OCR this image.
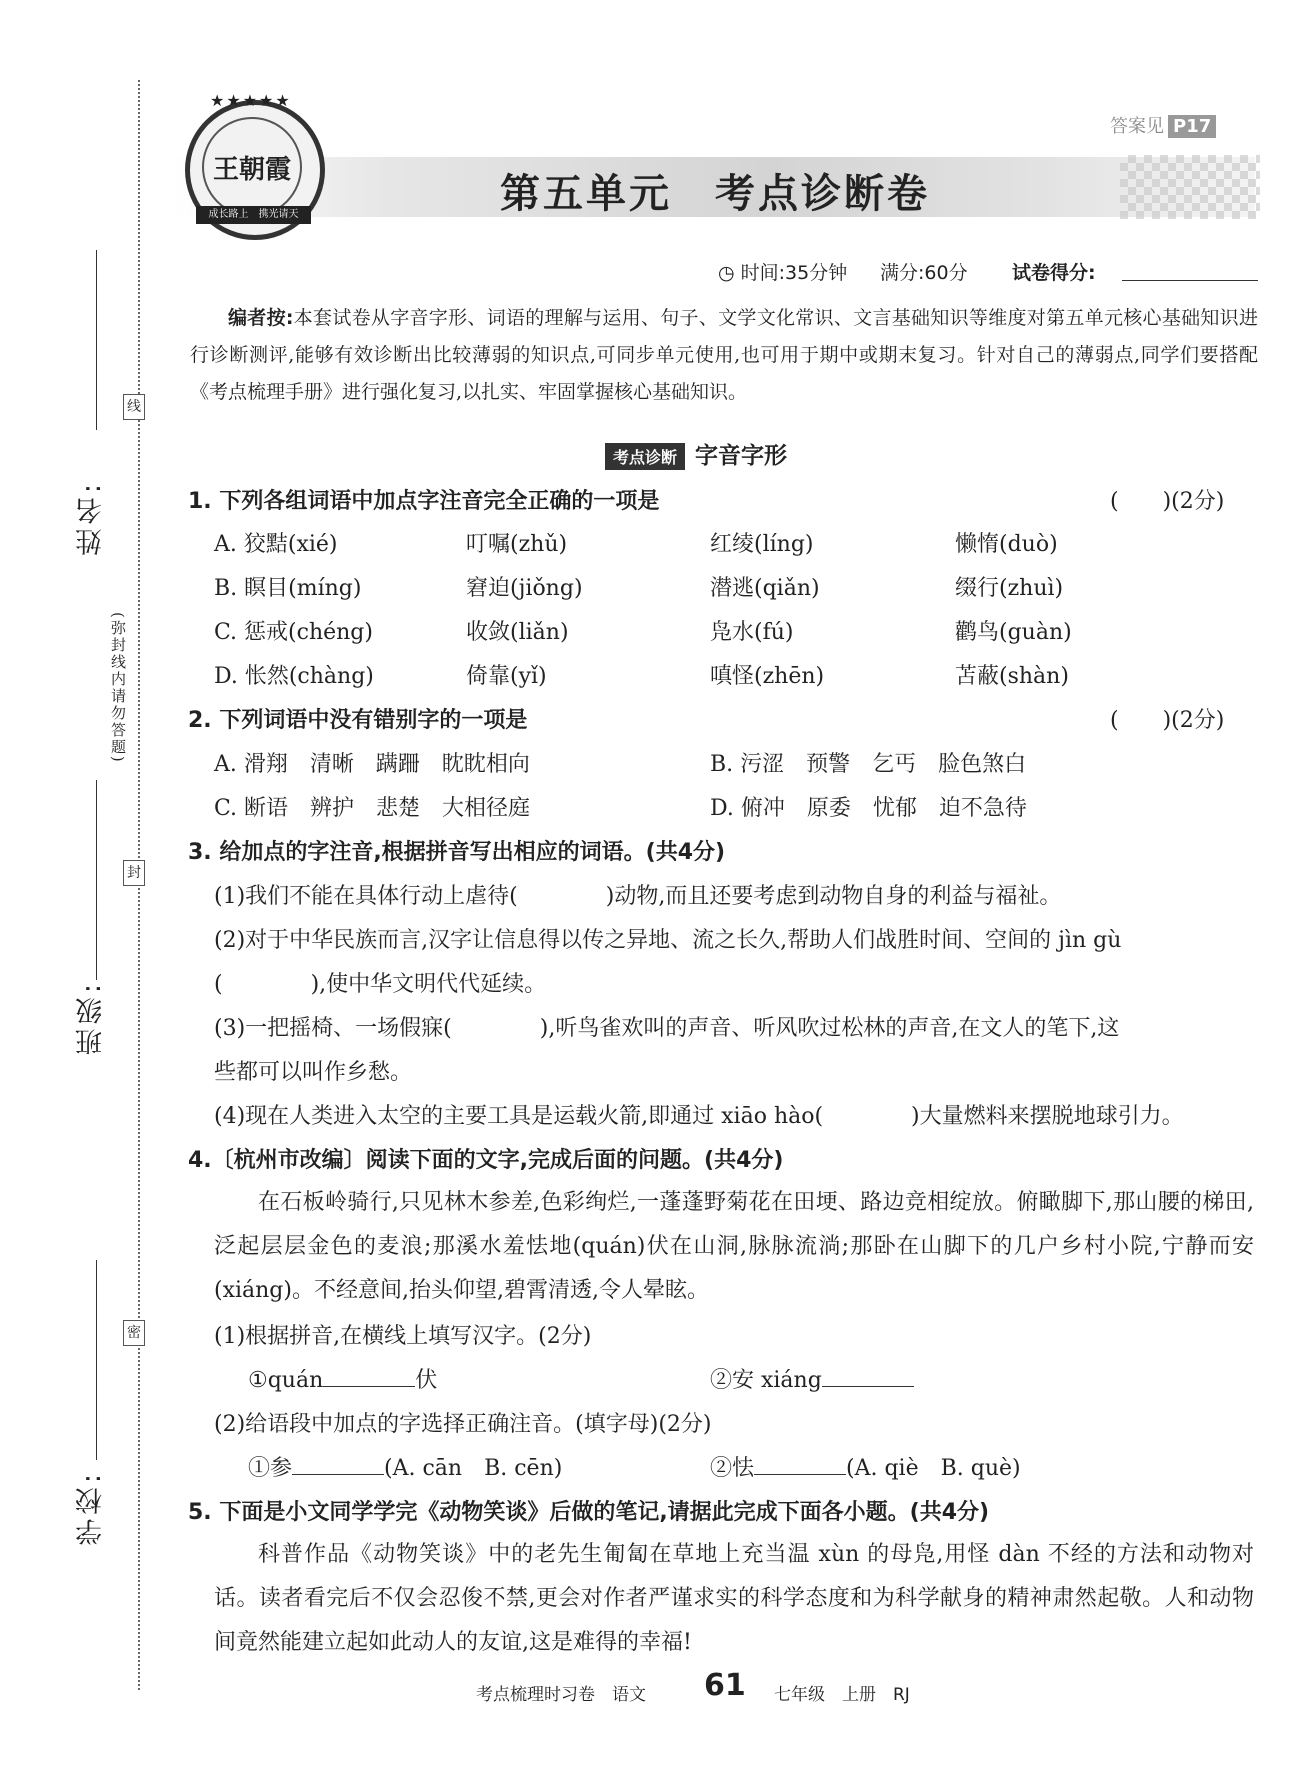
姓名:
班级:
学校:
线
封
密
(弥封线内请勿答题)
答案见 P17
★★★★★
王朝霞
成长路上　 携光请天	第五单元　考点诊断卷
◷ 时间:35分钟 满分:60分 试卷得分:
编者按:本套试卷从字音字形、词语的理解与运用、句子、文学文化常识、文言基础知识等维度对第五单元核心基础知识进行诊断测评,能够有效诊断出比较薄弱的知识点,可同步单元使用,也可用于期中或期末复习。针对自己的薄弱点,同学们要搭配《考点梳理手册》进行强化复习,以扎实、牢固掌握核心基础知识。
考点诊断 字音字形
1. 下列各组词语中加点字注音完全正确的一项是	(　　)(2分)
A. 狡黠(xié)	叮嘱(zhǔ)	红绫(líng)	懒惰(duò)
B. 瞑目(míng)	窘迫(jiǒng)	潜逃(qiǎn)	缀行(zhuì)
C. 惩戒(chéng)	收敛(liǎn)	凫水(fú)	鹳鸟(guàn)
D. 怅然(chàng)	倚靠(yǐ)	嗔怪(zhēn)	苫蔽(shàn)
2. 下列词语中没有错别字的一项是	(　　)(2分)
A. 滑翔　清晰　蹒跚　眈眈相向	B. 污涩　预警　乞丐　脸色煞白
C. 断语　辨护　悲楚　大相径庭	D. 俯冲　原委　忧郁　迫不急待
3. 给加点的字注音,根据拼音写出相应的词语。(共4分)
(1)我们不能在具体行动上虐待(　　　　)动物,而且还要考虑到动物自身的利益与福祉。
(2)对于中华民族而言,汉字让信息得以传之异地、流之长久,帮助人们战胜时间、空间的 jìn gù
(　　　　),使中华文明代代延续。
(3)一把摇椅、一场假寐(　　　　),听鸟雀欢叫的声音、听风吹过松林的声音,在文人的笔下,这
些都可以叫作乡愁。
(4)现在人类进入太空的主要工具是运载火箭,即通过 xiāo hào(　　　　)大量燃料来摆脱地球引力。
4.〔杭州市改编〕阅读下面的文字,完成后面的问题。(共4分)
在石板岭骑行,只见林木参差,色彩绚烂,一蓬蓬野菊花在田埂、路边竞相绽放。俯瞰脚下,那山腰的梯田,泛起层层金色的麦浪;那溪水羞怯地(quán)伏在山洞,脉脉流淌;那卧在山脚下的几户乡村小院,宁静而安(xiáng)。不经意间,抬头仰望,碧霄清透,令人晕眩。
(1)根据拼音,在横线上填写汉字。(2分)
①quán	伏	②安 xiáng
(2)给语段中加点的字选择正确注音。(填字母)(2分)
①参	(A. cān　B. cēn)	②怯	(A. qiè　B. què)
5. 下面是小文同学学完《动物笑谈》后做的笔记,请据此完成下面各小题。(共4分)
科普作品《动物笑谈》中的老先生匍匐在草地上充当温 xùn 的母凫,用怪 dàn 不经的方法和动物对话。读者看完后不仅会忍俊不禁,更会对作者严谨求实的科学态度和为科学献身的精神肃然起敬。人和动物间竟然能建立起如此动人的友谊,这是难得的幸福!
考点梳理时习卷　语文 61 七年级　上册　RJ
